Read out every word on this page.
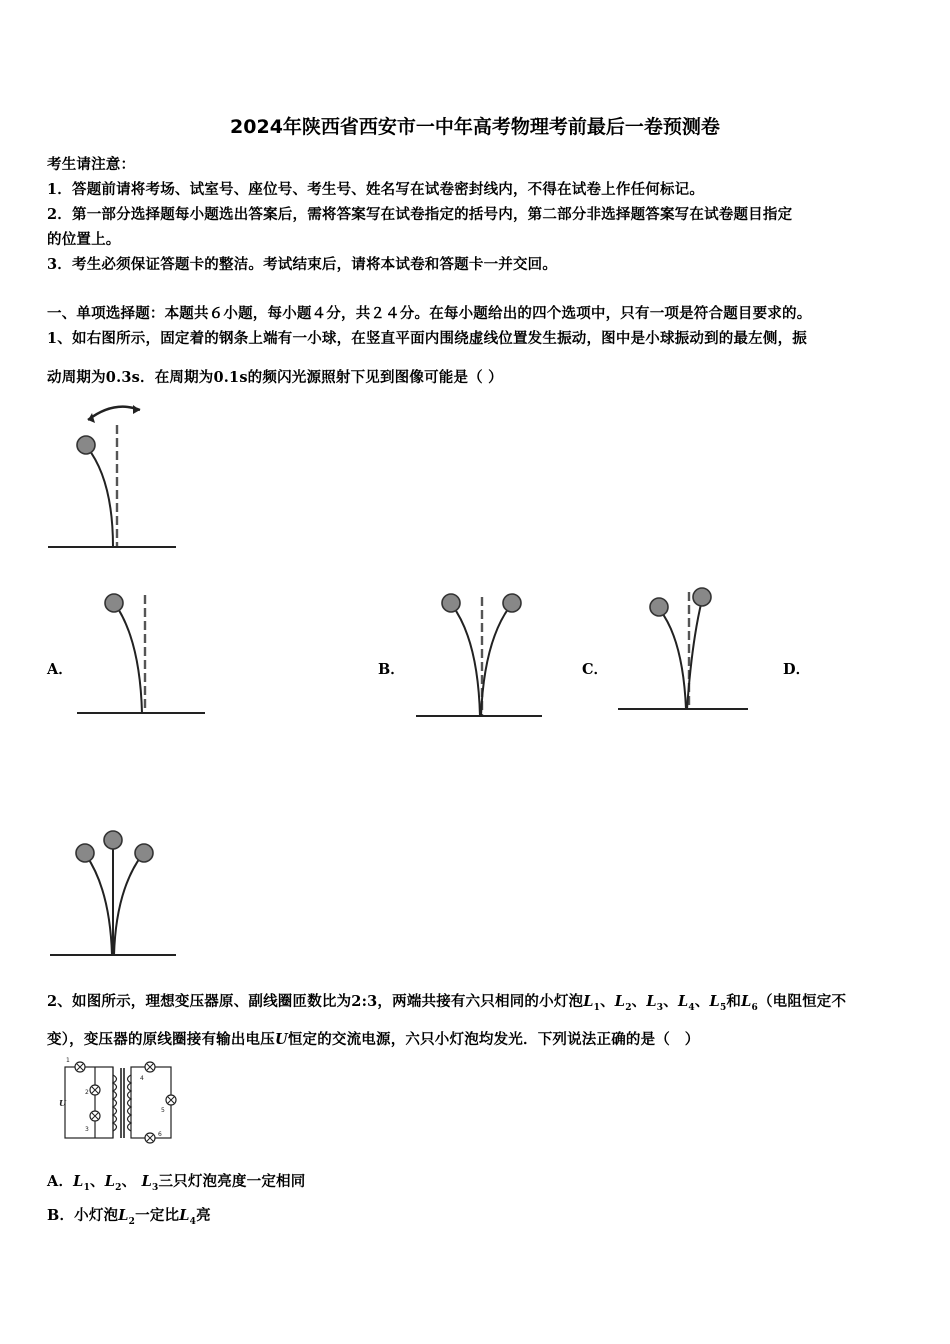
2024年陕西省西安市一中年高考物理考前最后一卷预测卷
考生请注意：
1．答题前请将考场、试室号、座位号、考生号、姓名写在试卷密封线内，不得在试卷上作任何标记。
2．第一部分选择题每小题选出答案后，需将答案写在试卷指定的括号内，第二部分非选择题答案写在试卷题目指定
的位置上。
3．考生必须保证答题卡的整洁。考试结束后，请将本试卷和答题卡一并交回。
一、单项选择题：本题共６小题，每小题４分，共２４分。在每小题给出的四个选项中，只有一项是符合题目要求的。
1、如右图所示，固定着的钢条上端有一小球，在竖直平面内围绕虚线位置发生振动，图中是小球振动到的最左侧，振
动周期为0.3s．在周期为0.1s的频闪光源照射下见到图像可能是（ ）
A．	B．	C．	D．
2、如图所示，理想变压器原、副线圈匝数比为2:3，两端共接有六只相同的小灯泡$L_1$、$L_2$、$L_3$、$L_4$、$L_5$和$L_6$（电阻恒定不
变），变压器的原线圈接有输出电压U恒定的交流电源，六只小灯泡均发光．下列说法正确的是（　）
1
2
3
4
5
6
U
A．$L_1$、$L_2$、 $L_3$三只灯泡亮度一定相同
B．小灯泡$L_2$一定比$L_4$亮
